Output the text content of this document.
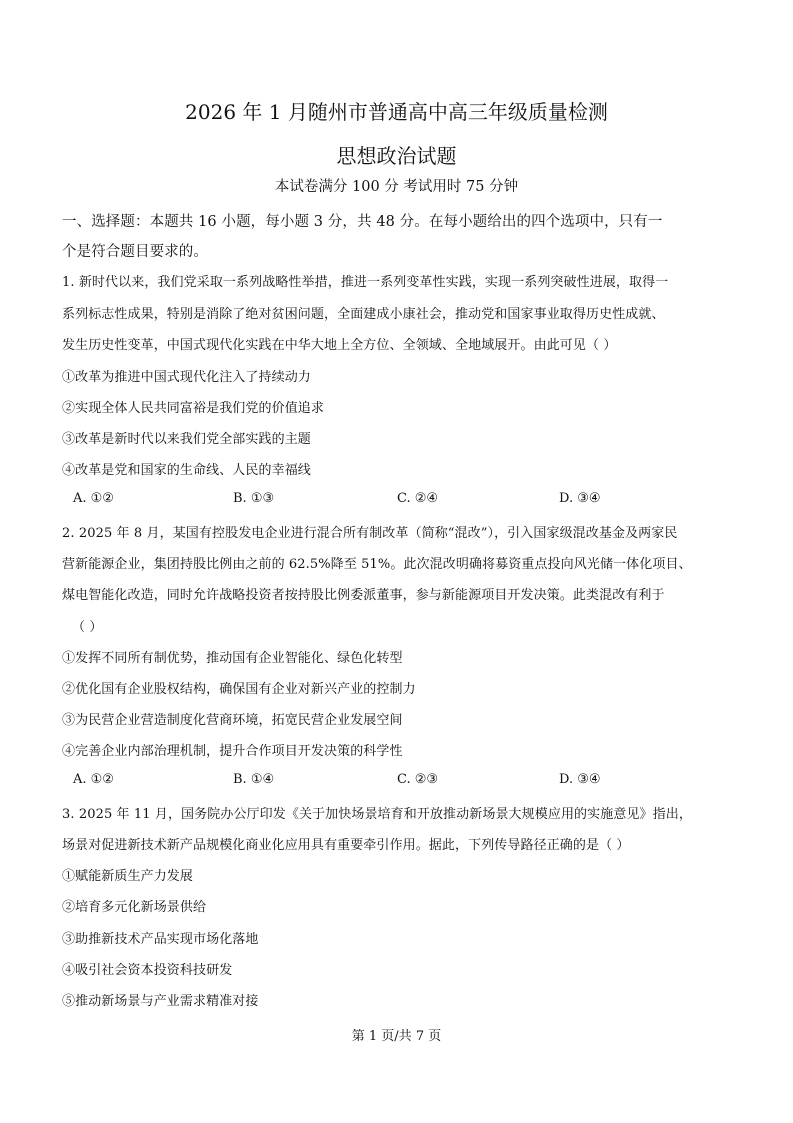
2026 年 1 月随州市普通高中高三年级质量检测
思想政治试题
本试卷满分 100 分 考试用时 75 分钟
一、选择题：本题共 16 小题，每小题 3 分，共 48 分。在每小题给出的四个选项中，只有一
个是符合题目要求的。
1. 新时代以来，我们党采取一系列战略性举措，推进一系列变革性实践，实现一系列突破性进展，取得一
系列标志性成果，特别是消除了绝对贫困问题，全面建成小康社会，推动党和国家事业取得历史性成就、
发生历史性变革，中国式现代化实践在中华大地上全方位、全领域、全地域展开。由此可见（ ）
①改革为推进中国式现代化注入了持续动力
②实现全体人民共同富裕是我们党的价值追求
③改革是新时代以来我们党全部实践的主题
④改革是党和国家的生命线、人民的幸福线
A. ①②	B. ①③	C. ②④	D. ③④
2. 2025 年 8 月，某国有控股发电企业进行混合所有制改革（简称“混改”），引入国家级混改基金及两家民
营新能源企业，集团持股比例由之前的 62.5%降至 51%。此次混改明确将募资重点投向风光储一体化项目、
煤电智能化改造，同时允许战略投资者按持股比例委派董事，参与新能源项目开发决策。此类混改有利于
（ ）
①发挥不同所有制优势，推动国有企业智能化、绿色化转型
②优化国有企业股权结构，确保国有企业对新兴产业的控制力
③为民营企业营造制度化营商环境，拓宽民营企业发展空间
④完善企业内部治理机制，提升合作项目开发决策的科学性
A. ①②	B. ①④	C. ②③	D. ③④
3. 2025 年 11 月，国务院办公厅印发《关于加快场景培育和开放推动新场景大规模应用的实施意见》指出，
场景对促进新技术新产品规模化商业化应用具有重要牵引作用。据此，下列传导路径正确的是（ ）
①赋能新质生产力发展
②培育多元化新场景供给
③助推新技术产品实现市场化落地
④吸引社会资本投资科技研发
⑤推动新场景与产业需求精准对接
第 1 页/共 7 页
